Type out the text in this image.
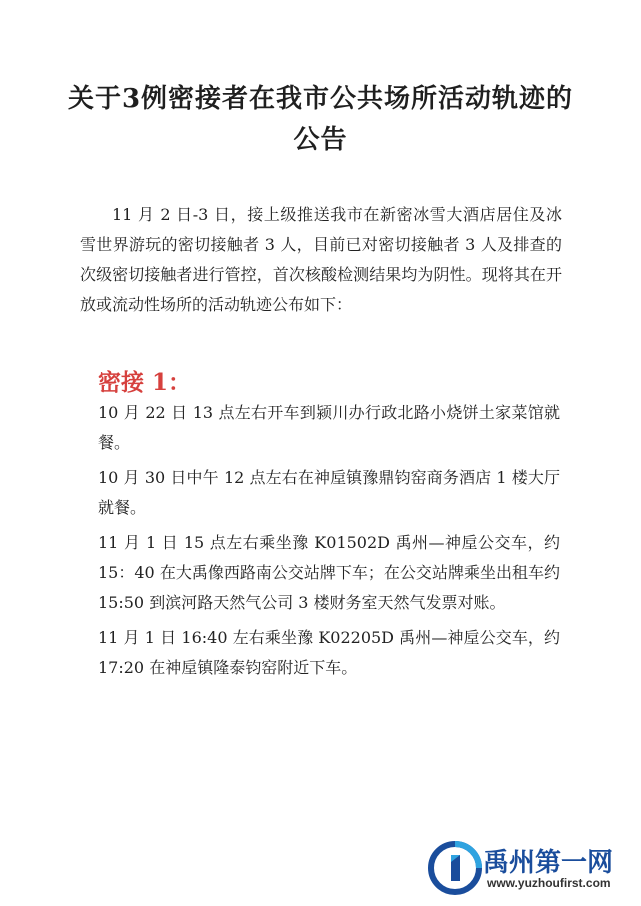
关于3例密接者在我市公共场所活动轨迹的
公告

11 月 2 日-3 日，接上级推送我市在新密冰雪大酒店居住及冰雪世界游玩的密切接触者 3 人，目前已对密切接触者 3 人及排查的次级密切接触者进行管控，首次核酸检测结果均为阴性。现将其在开放或流动性场所的活动轨迹公布如下：

密接 1：

10 月 22 日 13 点左右开车到颍川办行政北路小烧饼土家菜馆就餐。

10 月 30 日中午 12 点左右在神垕镇豫鼎钧窑商务酒店 1 楼大厅就餐。

11 月 1 日 15 点左右乘坐豫 K01502D 禹州—神垕公交车，约 15：40 在大禹像西路南公交站牌下车；在公交站牌乘坐出租车约 15:50 到滨河路天然气公司 3 楼财务室天然气发票对账。

11 月 1 日 16:40 左右乘坐豫 K02205D 禹州—神垕公交车，约 17:20 在神垕镇隆泰钧窑附近下车。

禹州第一网
www.yuzhoufirst.com
